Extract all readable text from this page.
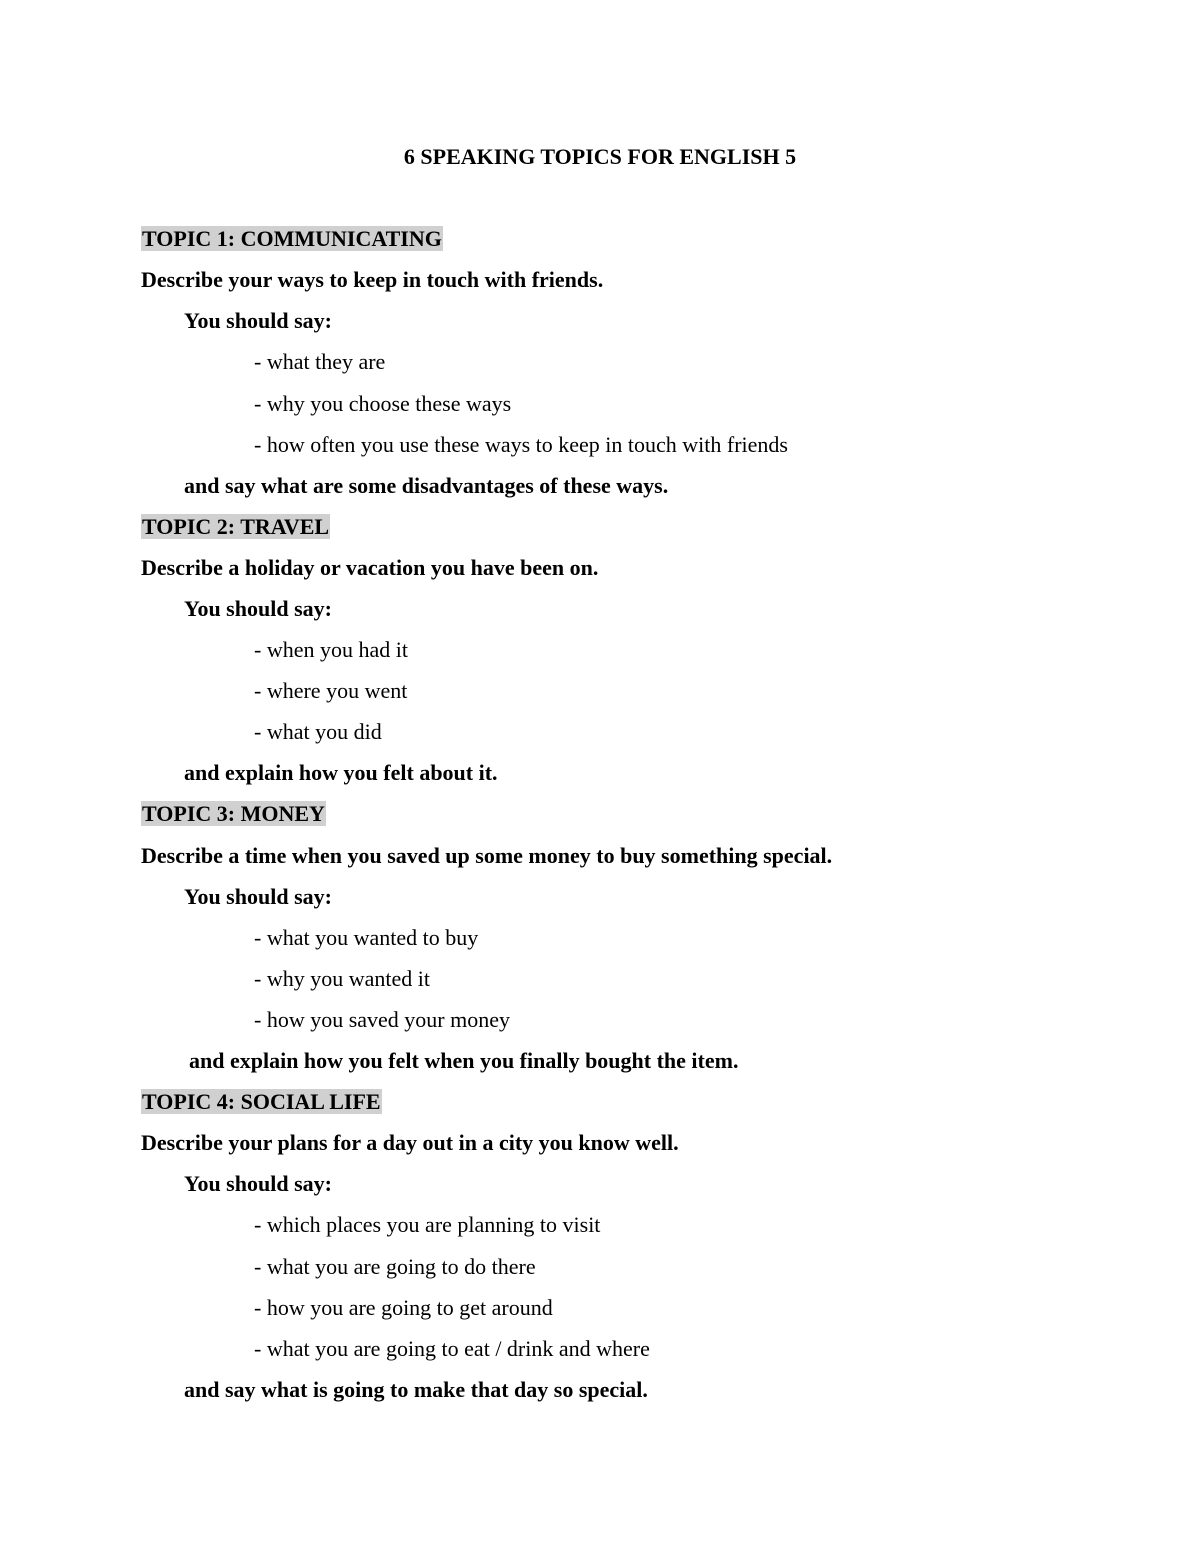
6 SPEAKING TOPICS FOR ENGLISH 5
TOPIC 1: COMMUNICATING
Describe your ways to keep in touch with friends.
You should say:
- what they are
- why you choose these ways
- how often you use these ways to keep in touch with friends
and say what are some disadvantages of these ways.
TOPIC 2: TRAVEL
Describe a holiday or vacation you have been on.
You should say:
- when you had it
- where you went
- what you did
and explain how you felt about it.
TOPIC 3: MONEY
Describe a time when you saved up some money to buy something special.
You should say:
- what you wanted to buy
- why you wanted it
- how you saved your money
and explain how you felt when you finally bought the item.
TOPIC 4: SOCIAL LIFE
Describe your plans for a day out in a city you know well.
You should say:
- which places you are planning to visit
- what you are going to do there
- how you are going to get around
- what you are going to eat / drink and where
and say what is going to make that day so special.
